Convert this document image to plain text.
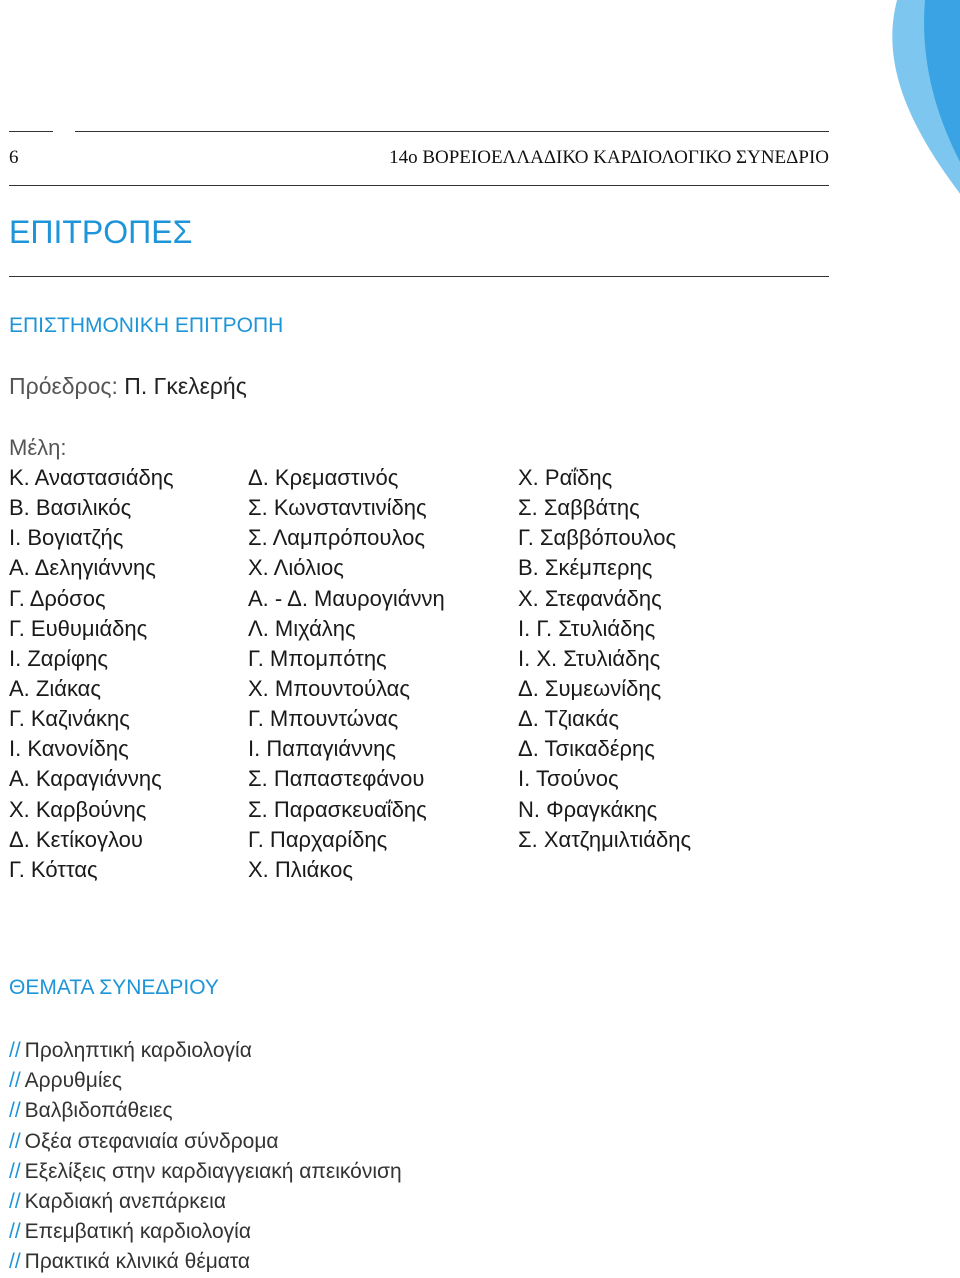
6	14ο ΒΟΡΕΙΟΕΛΛΑΔΙΚΟ ΚΑΡΔΙΟΛΟΓΙΚΟ ΣΥΝΕΔΡΙΟ
ΕΠΙΤΡΟΠΕΣ
ΕΠΙΣΤΗΜΟΝΙΚΗ ΕΠΙΤΡΟΠΗ
Πρόεδρος: Π. Γκελερής
Μέλη:
Κ. Αναστασιάδης
Β. Βασιλικός
Ι. Βογιατζής
Α. Δεληγιάννης
Γ. Δρόσος
Γ. Ευθυμιάδης
Ι. Ζαρίφης
Α. Ζιάκας
Γ. Καζινάκης
Ι. Κανονίδης
Α. Καραγιάννης
Χ. Καρβούνης
Δ. Κετίκογλου
Γ. Κόττας
Δ. Κρεμαστινός
Σ. Κωνσταντινίδης
Σ. Λαμπρόπουλος
Χ. Λιόλιος
Α. - Δ. Μαυρογιάννη
Λ. Μιχάλης
Γ. Μπομπότης
Χ. Μπουντούλας
Γ. Μπουντώνας
Ι. Παπαγιάννης
Σ. Παπαστεφάνου
Σ. Παρασκευαΐδης
Γ. Παρχαρίδης
Χ. Πλιάκος
Χ. Ραΐδης
Σ. Σαββάτης
Γ. Σαββόπουλος
Β. Σκέμπερης
Χ. Στεφανάδης
Ι. Γ. Στυλιάδης
Ι. Χ. Στυλιάδης
Δ. Συμεωνίδης
Δ. Τζιακάς
Δ. Τσικαδέρης
Ι. Τσούνος
Ν. Φραγκάκης
Σ. Χατζημιλτιάδης
ΘΕΜΑΤΑ ΣΥΝΕΔΡΙΟΥ
// Προληπτική καρδιολογία
// Αρρυθμίες
// Βαλβιδοπάθειες
// Οξέα στεφανιαία σύνδρομα
// Εξελίξεις στην καρδιαγγειακή απεικόνιση
// Καρδιακή ανεπάρκεια
// Επεμβατική καρδιολογία
// Πρακτικά κλινικά θέματα
